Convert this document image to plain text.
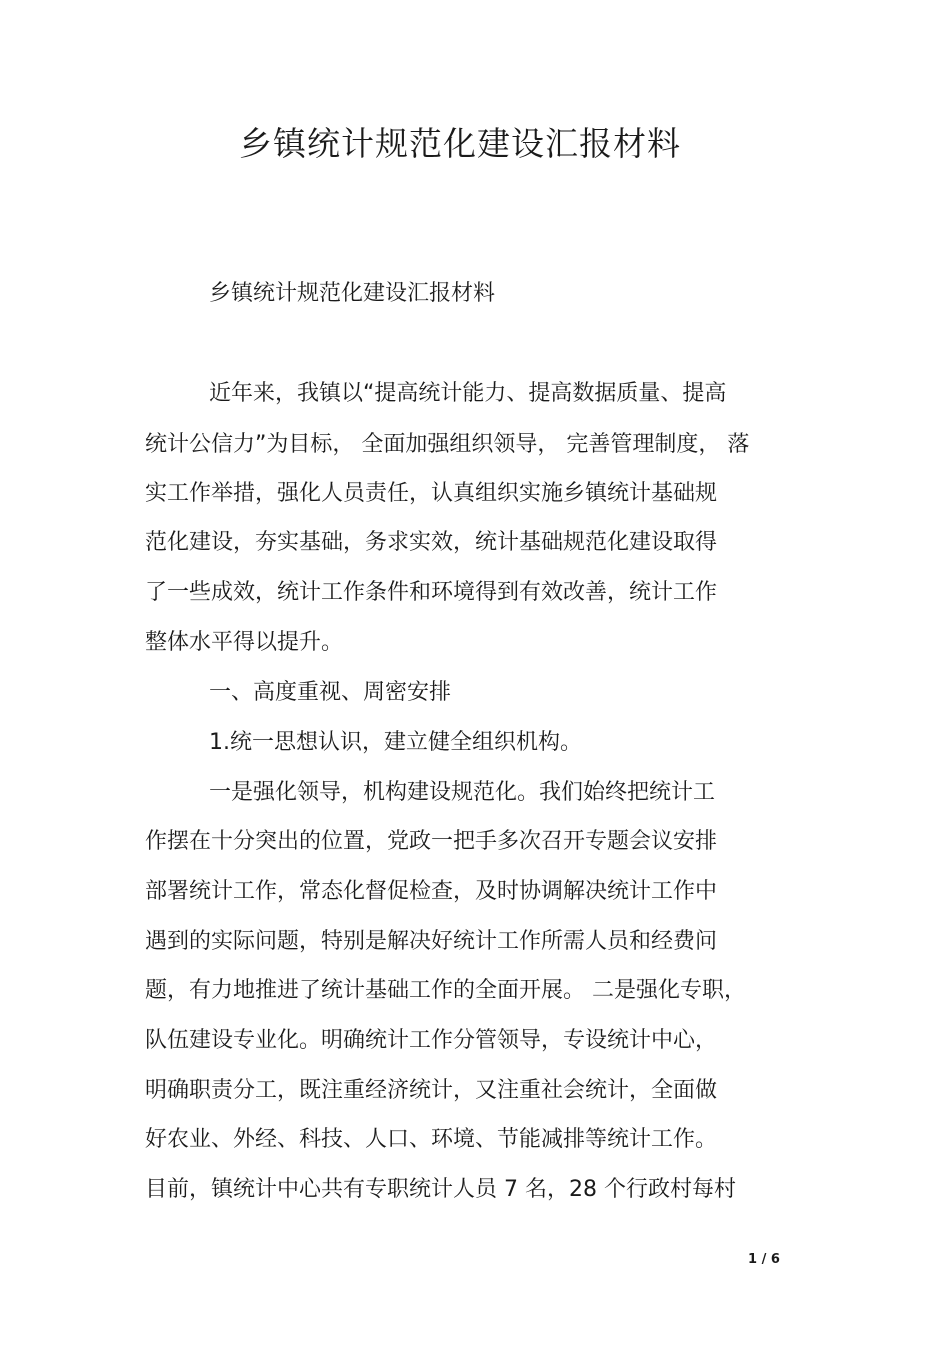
乡镇统计规范化建设汇报材料
乡镇统计规范化建设汇报材料
近年来，我镇以“提高统计能力、提高数据质量、提高
统计公信力”为目标， 全面加强组织领导， 完善管理制度， 落
实工作举措，强化人员责任，认真组织实施乡镇统计基础规
范化建设，夯实基础，务求实效，统计基础规范化建设取得
了一些成效，统计工作条件和环境得到有效改善，统计工作
整体水平得以提升。
一、高度重视、周密安排
1.统一思想认识，建立健全组织机构。
一是强化领导，机构建设规范化。我们始终把统计工
作摆在十分突出的位置，党政一把手多次召开专题会议安排
部署统计工作，常态化督促检查，及时协调解决统计工作中
遇到的实际问题，特别是解决好统计工作所需人员和经费问
题，有力地推进了统计基础工作的全面开展。 二是强化专职，
队伍建设专业化。明确统计工作分管领导，专设统计中心，
明确职责分工，既注重经济统计，又注重社会统计，全面做
好农业、外经、科技、人口、环境、节能减排等统计工作。
目前，镇统计中心共有专职统计人员 7 名，28 个行政村每村
1 / 6
